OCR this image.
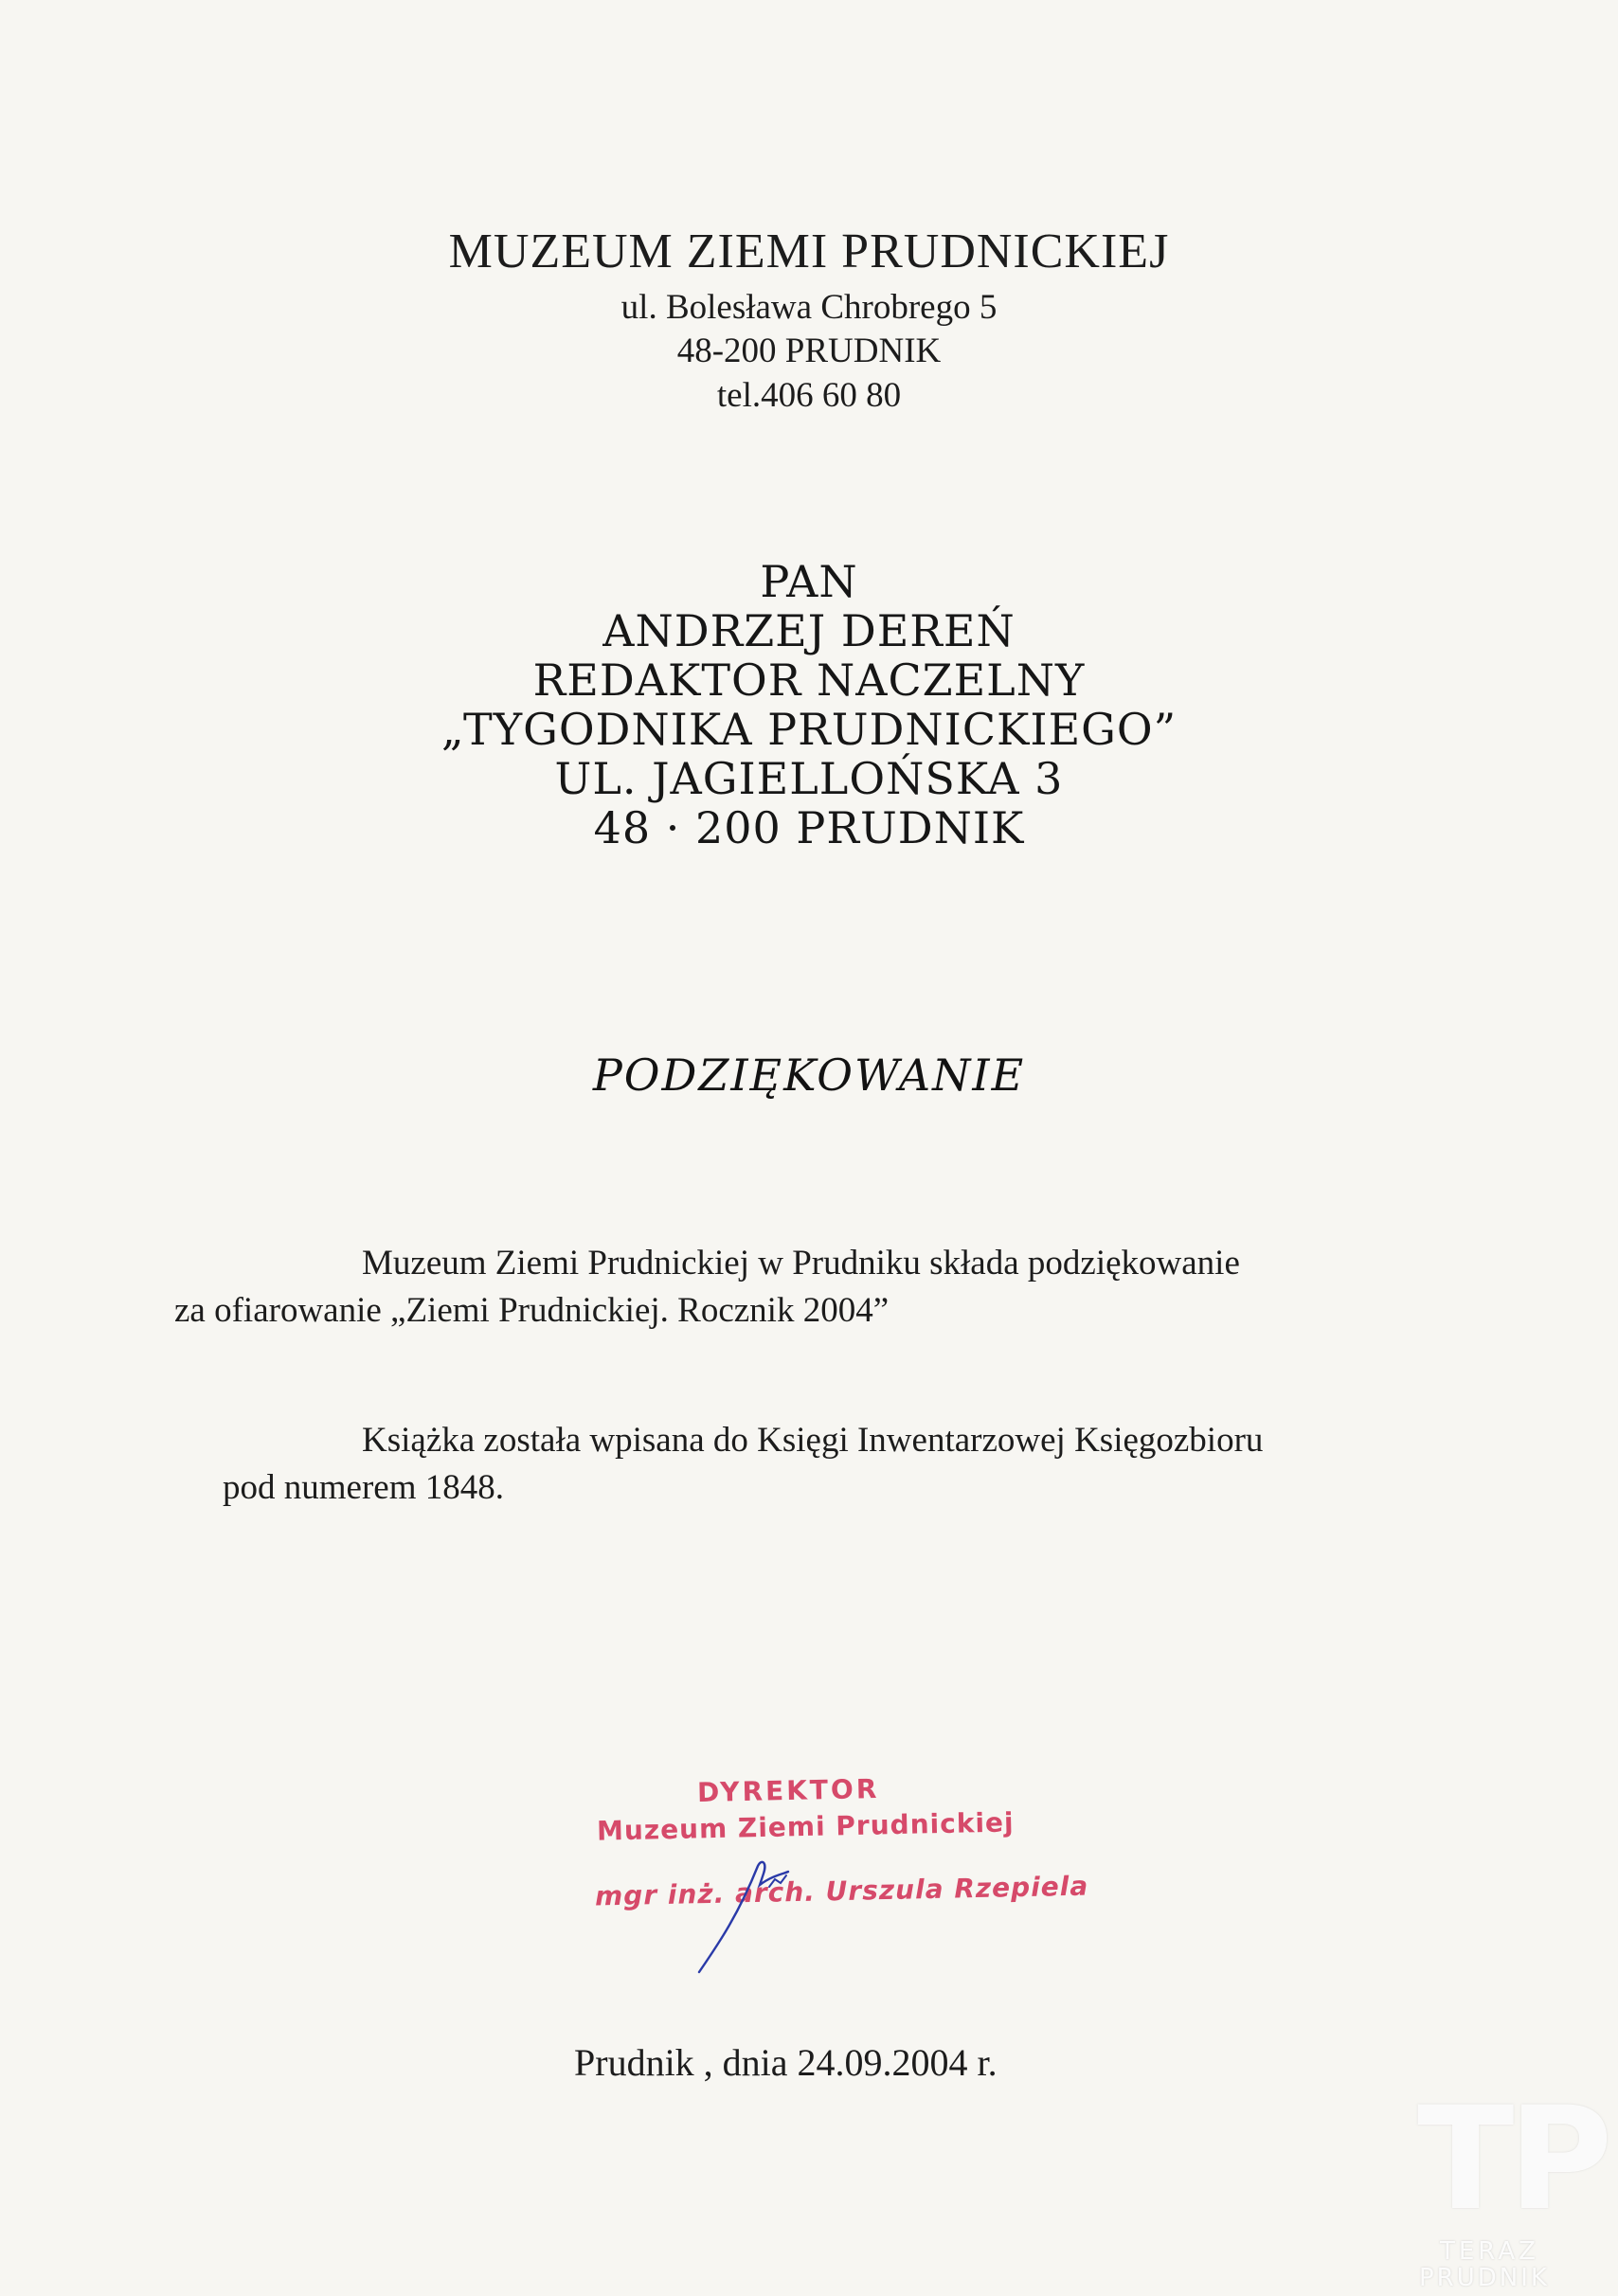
MUZEUM ZIEMI PRUDNICKIEJ
ul. Bolesława Chrobrego 5
48-200 PRUDNIK
tel.406 60 80
PAN
ANDRZEJ DEREŃ
REDAKTOR NACZELNY
„TYGODNIKA PRUDNICKIEGO”
UL. JAGIELLOŃSKA 3
48 · 200 PRUDNIK
PODZIĘKOWANIE
Muzeum Ziemi Prudnickiej w Prudniku składa podziękowanie
za ofiarowanie „Ziemi Prudnickiej. Rocznik 2004”
Książka została wpisana do Księgi Inwentarzowej Księgozbioru
pod numerem 1848.
DYREKTOR
Muzeum Ziemi Prudnickiej
mgr inż. arch. Urszula Rzepiela
Prudnik , dnia 24.09.2004 r.
TP
TERAZ
PRUDNIK
